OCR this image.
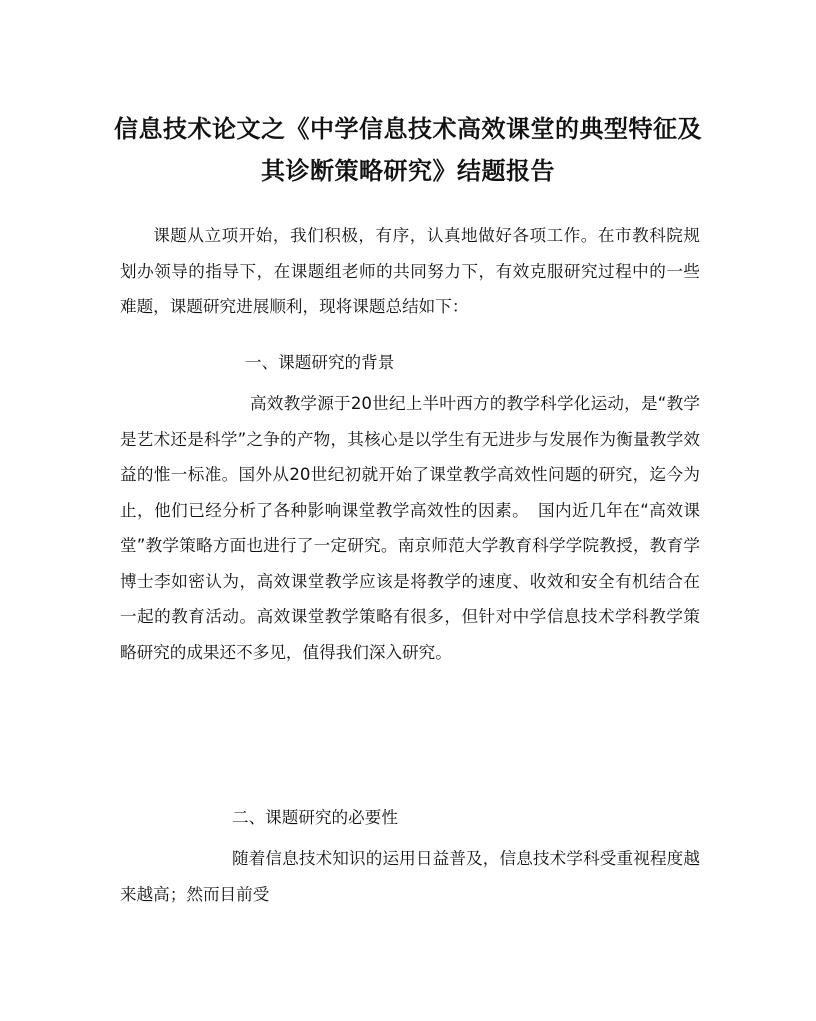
信息技术论文之《中学信息技术高效课堂的典型特征及其诊断策略研究》结题报告

课题从立项开始，我们积极，有序，认真地做好各项工作。在市教科院规划办领导的指导下，在课题组老师的共同努力下，有效克服研究过程中的一些难题，课题研究进展顺利，现将课题总结如下：

一、课题研究的背景

高效教学源于20世纪上半叶西方的教学科学化运动，是“教学是艺术还是科学”之争的产物，其核心是以学生有无进步与发展作为衡量教学效益的惟一标准。国外从20世纪初就开始了课堂教学高效性问题的研究，迄今为止，他们已经分析了各种影响课堂教学高效性的因素。　国内近几年在“高效课堂”教学策略方面也进行了一定研究。南京师范大学教育科学学院教授，教育学博士李如密认为，高效课堂教学应该是将教学的速度、收效和安全有机结合在一起的教育活动。高效课堂教学策略有很多，但针对中学信息技术学科教学策略研究的成果还不多见，值得我们深入研究。

二、课题研究的必要性

随着信息技术知识的运用日益普及，信息技术学科受重视程度越来越高；然而目前受
